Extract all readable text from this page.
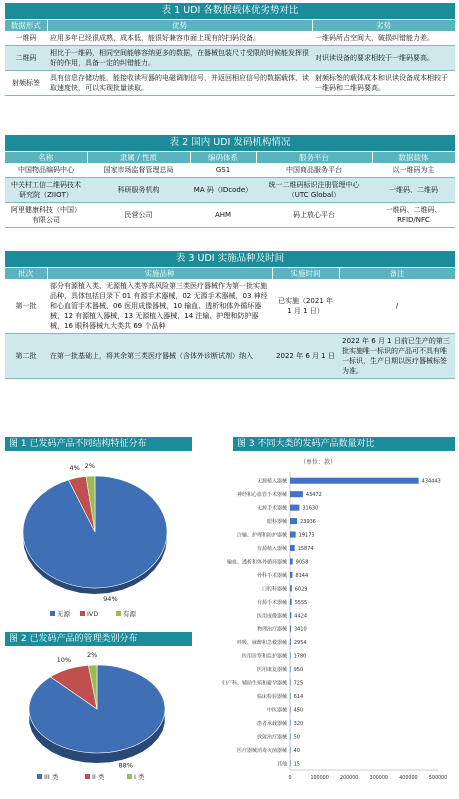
表 1 UDI 各数据载体优劣势对比
数据形式	优势	劣势
一维码	应用多年已经很成熟，成本低，能很好兼容市面上现有的扫码设备。	一维码所占空间大，破损纠错能力差。
二维码	相比于一维码，相同空间能够容纳更多的数据，在器械包装尺寸受限的时候能发挥很好的作用，具备一定的纠错能力。	对识读设备的要求相较于一维码要高。
射频标签	具有信息存储功能，能接收读写器的电磁调制信号，并返回相应信号的数据载体，读取速度快，可以实现批量读取。	射频标签的载体成本和识读设备成本相较于一维码和二维码要高。
表 2 国内 UDI 发码机构情况
名称	隶属 / 性质	编码体系	服务平台	数据载体
中国物品编码中心	国家市场监督管理总局	GS1	中国商品服务平台	以一维码为主
中关村工信二维码技术研究院（ZIIOT）	科研服务机构	MA 码（IDcode）	统一二维码标识注册管理中心（UTC Global）	一维码、二维码
阿里健康科技（中国）有限公司	民营公司	AHM	码上放心平台	一维码、二维码、RFID/NFC
表 3 UDI 实施品种及时间
批次	实施品种	实施时间	备注
第一批	部分有源植入类、无源植入类等高风险第三类医疗器械作为第一批实施品种，具体包括目录下 01 有源手术器械，02 无源手术器械，03 神经和心血管手术器械，06 医用成像器械，10 输血、透析和体外循环器械，12 有源植入器械，13 无源植入器械，14 注输、护理和防护器械，16 眼科器械九大类共 69 个品种	已实施（2021 年 1 月 1 日）	/
第二批	在第一批基础上，将其余第三类医疗器械（含体外诊断试剂）纳入	2022 年 6 月 1 日	2022 年 6 月 1 日前已生产的第三批实施唯一标识的产品可不具有唯一标识，生产日期以医疗器械标签为准。
图 1 已发码产品不同结构特征分布
图 2 已发码产品的管理类别分布
图 3 不同大类的发码产品数量对比
94%
4% 2%
无源	IVD	有源
88%
10%
2%
III 类	II 类	I 类
（单位：款）
无源植入器械	434443
神经和心血管手术器械	43472
无源手术器械	31630
眼科器械	23936
注输、护理和防护器械 19173
有源植入器械 15874
输血、透析和体外循环器械 9058
骨科手术器械 8144
口腔科器械 6029
有源手术器械 5555
医用成像器械 4424
物理治疗器械 3410
呼吸、麻醉和急救器械 2954
医用诊察和监护器械 1780
医用康复器械 950
妇产科、辅助生殖和避孕器械 725
临床检验器械 614
中医器械 450
患者承载器械 320
放射治疗器械 50
医疗器械消毒灭菌器械 40
其他 15
0	100000 200000 300000 400000 500000
